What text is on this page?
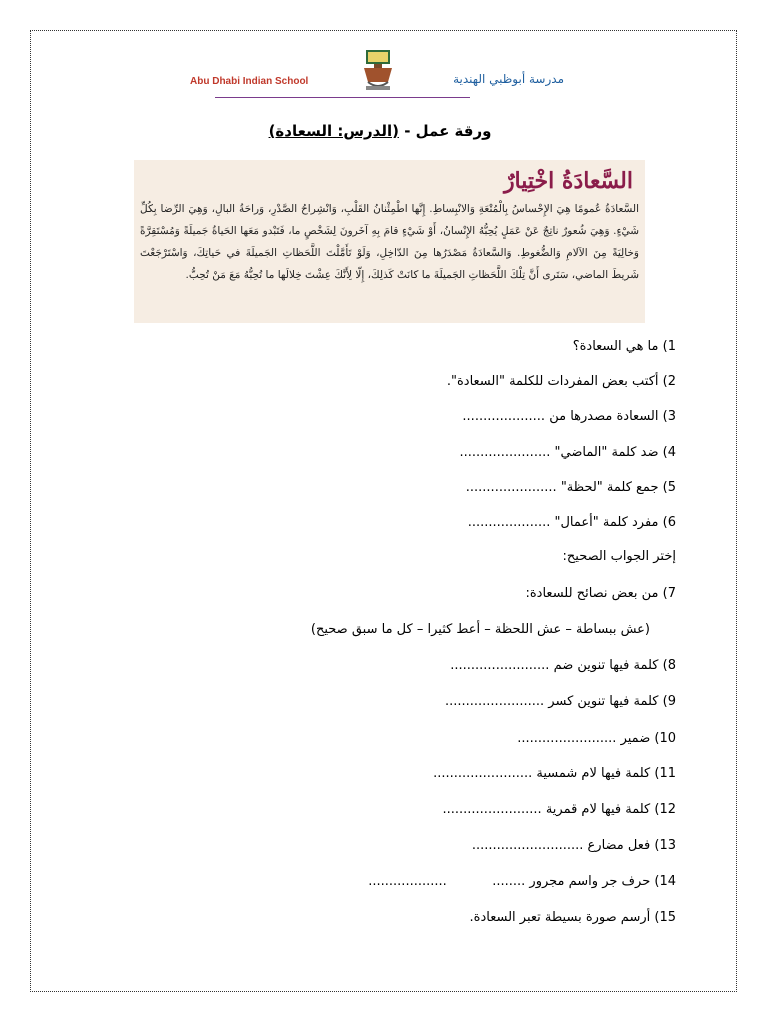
Abu Dhabi Indian School	مدرسة أبوظبي الهندية
ورقة عمل - (الدرس: السعادة)
السَّعادَةُ اخْتِيارٌ
السَّعادَةُ عُمومًا هِيَ الإِحْساسُ بِالْمُتْعَةِ وَالانْبِساطِ. إِنَّها اطْمِئْنانُ القَلْبِ، وَانْشِراحُ الصَّدْرِ، وَراحَةُ البالِ، وَهِيَ الرِّضا بِكُلِّ شَيْءٍ. وَهِيَ شُعورٌ ناتِجٌ عَنْ عَمَلٍ يُحِبُّهُ الإِنْسانُ، أَوْ شَيْءٍ قامَ بِهِ آخَرونَ لِشَخْصٍ ما، فَتَبْدو مَعَها الحَياةُ جَميلَةً وَمُسْتَقِرَّةً وَخالِيَةً مِنَ الآلامِ وَالضُّغوطِ. وَالسَّعادَةُ مَصْدَرُها مِنَ الدّاخِلِ، وَلَوْ تَأَمَّلْتَ اللَّحَظاتِ الجَميلَةَ في حَياتِكَ، وَاسْتَرْجَعْتَ شَريطَ الماضي، سَتَرى أَنَّ تِلْكَ اللَّحَظاتِ الجَميلَةَ ما كانَتْ كَذلِكَ، إِلّا لِأَنَّكَ عِشْتَ خِلالَها ما تُحِبُّهُ مَعَ مَنْ تُحِبُّ.
1) ما هي السعادة؟
2) أكتب بعض المفردات للكلمة "السعادة".
3) السعادة مصدرها من ....................
4) ضد كلمة "الماضي" ......................
5) جمع كلمة "لحظة" ......................
6) مفرد كلمة "أعمال" ....................
إختر الجواب الصحيح:
7) من بعض نصائح للسعادة:
(عش ببساطة – عش اللحظة – أعط كثيرا – كل ما سبق صحيح)
8) كلمة فيها تنوين ضم ........................
9) كلمة فيها تنوين كسر ........................
10) ضمير ........................
11) كلمة فيها لام شمسية ........................
12) كلمة فيها لام قمرية ........................
13) فعل مضارع ...........................
14) حرف جر واسم مجرور ........           ...................
15) أرسم صورة بسيطة تعبر السعادة.
